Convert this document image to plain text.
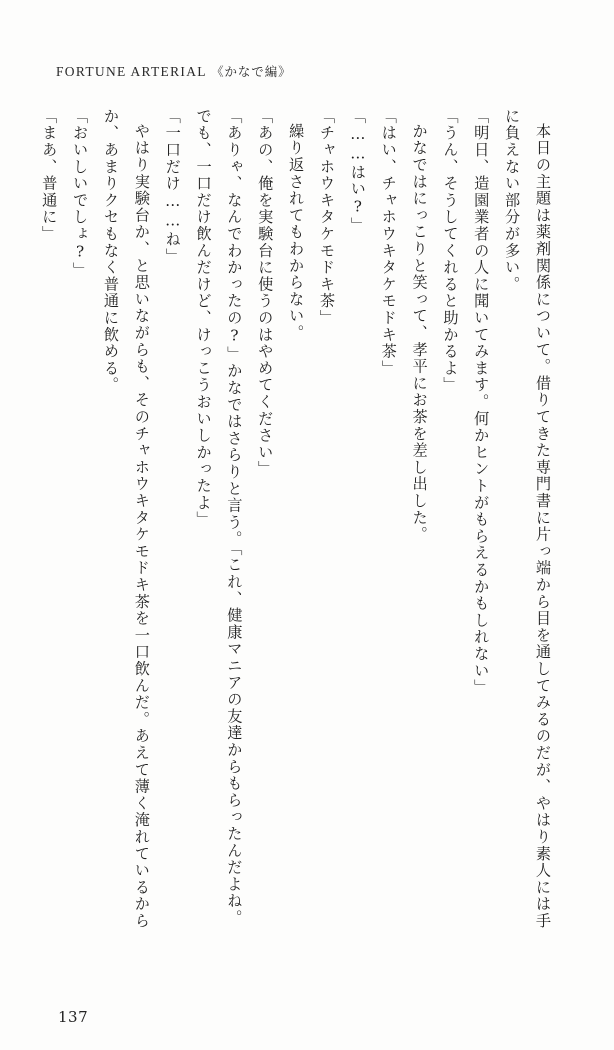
FORTUNE ARTERIAL 《かなで編》

本日の主題は薬剤関係について。借りてきた専門書に片っ端から目を通してみるのだが、やはり素人には手に負えない部分が多い。

「明日、造園業者の人に聞いてみます。何かヒントがもらえるかもしれない」

「うん、そうしてくれると助かるよ」

かなではにっこりと笑って、孝平にお茶を差し出した。

「はい、チャホウキタケモドキ茶」

「……はい?」

「チャホウキタケモドキ茶」

繰り返されてもわからない。

「あの、俺を実験台に使うのはやめてください」

「ありゃ、なんでわかったの?」かなではさらりと言う。「これ、健康マニアの友達からもらったんだよね。でも、一口だけ飲んだけど、けっこうおいしかったよ」

「一口だけ……ね」

やはり実験台か、と思いながらも、そのチャホウキタケモドキ茶を一口飲んだ。あえて薄く淹れているからか、あまりクセもなく普通に飲める。

「おいしいでしょ?」

「まあ、普通に」

137
